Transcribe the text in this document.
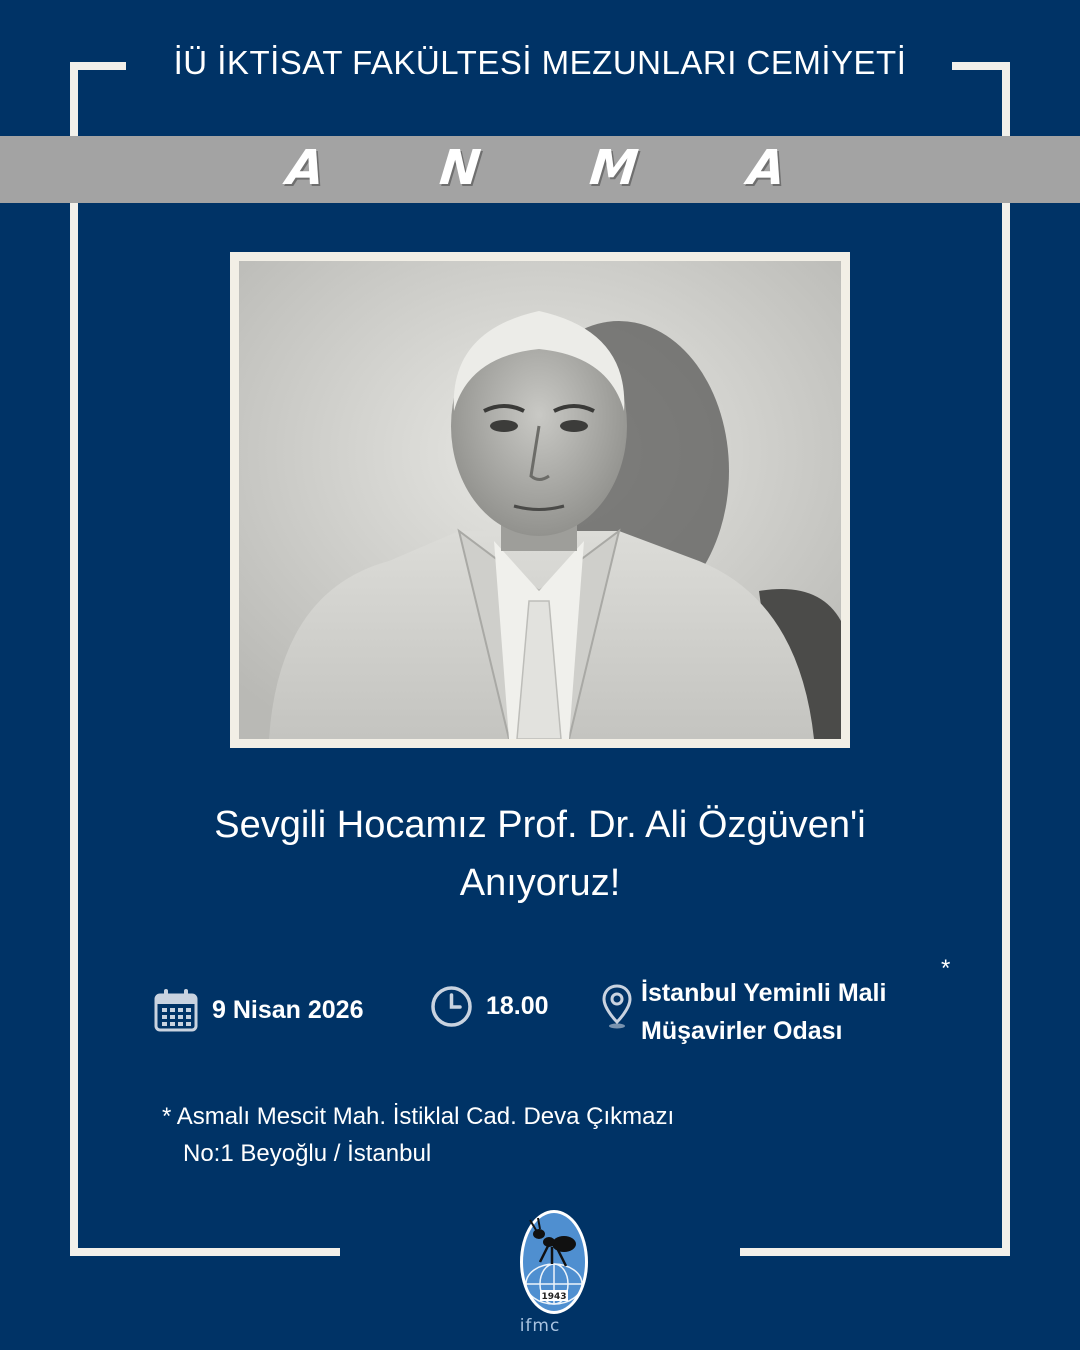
İÜ İKTİSAT FAKÜLTESİ MEZUNLARI CEMİYETİ
A N M A
Sevgili Hocamız Prof. Dr. Ali Özgüven'i
Anıyoruz!
9 Nisan 2026	18.00	İstanbul Yeminli Mali
Müşavirler Odası
*
* Asmalı Mescit Mah. İstiklal Cad. Deva Çıkmazı
No:1 Beyoğlu / İstanbul
1943
ifmc
